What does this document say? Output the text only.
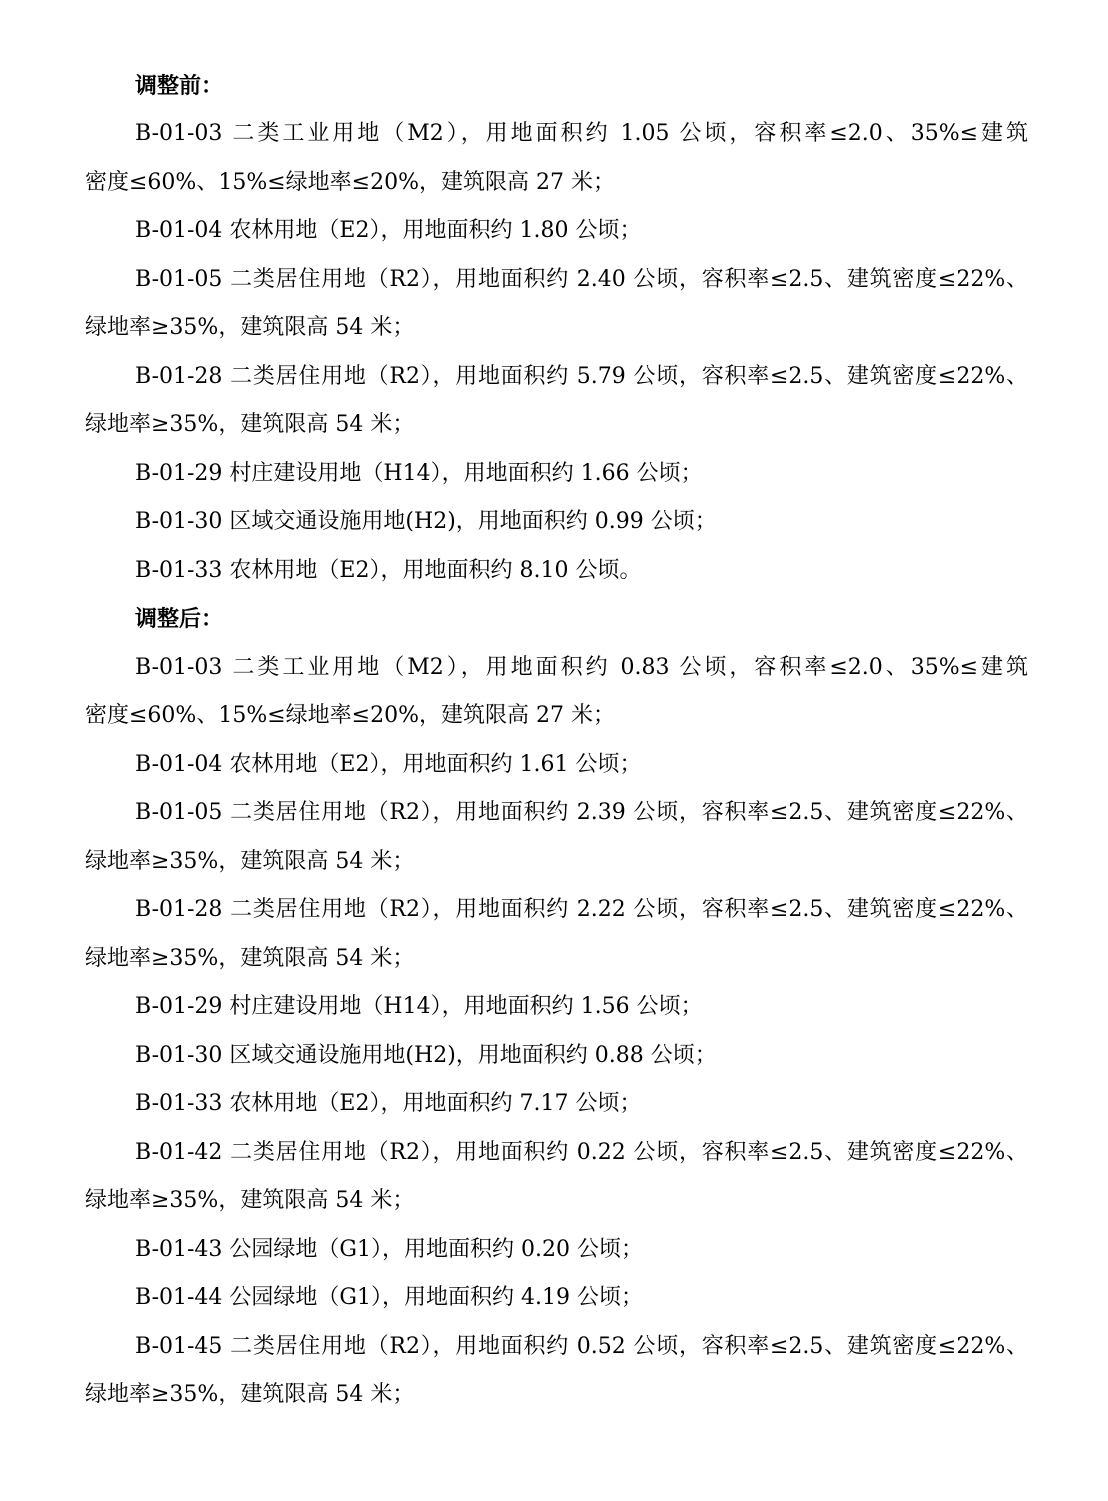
调整前：
B-01-03 二类工业用地（M2），用地面积约 1.05 公顷，容积率≤2.0、35%≤建筑
密度≤60%、15%≤绿地率≤20%，建筑限高 27 米；
B-01-04 农林用地（E2），用地面积约 1.80 公顷；
B-01-05 二类居住用地（R2），用地面积约 2.40 公顷，容积率≤2.5、建筑密度≤22%、
绿地率≥35%，建筑限高 54 米；
B-01-28 二类居住用地（R2），用地面积约 5.79 公顷，容积率≤2.5、建筑密度≤22%、
绿地率≥35%，建筑限高 54 米；
B-01-29 村庄建设用地（H14），用地面积约 1.66 公顷；
B-01-30 区域交通设施用地(H2)，用地面积约 0.99 公顷；
B-01-33 农林用地（E2），用地面积约 8.10 公顷。
调整后：
B-01-03 二类工业用地（M2），用地面积约 0.83 公顷，容积率≤2.0、35%≤建筑
密度≤60%、15%≤绿地率≤20%，建筑限高 27 米；
B-01-04 农林用地（E2），用地面积约 1.61 公顷；
B-01-05 二类居住用地（R2），用地面积约 2.39 公顷，容积率≤2.5、建筑密度≤22%、
绿地率≥35%，建筑限高 54 米；
B-01-28 二类居住用地（R2），用地面积约 2.22 公顷，容积率≤2.5、建筑密度≤22%、
绿地率≥35%，建筑限高 54 米；
B-01-29 村庄建设用地（H14），用地面积约 1.56 公顷；
B-01-30 区域交通设施用地(H2)，用地面积约 0.88 公顷；
B-01-33 农林用地（E2），用地面积约 7.17 公顷；
B-01-42 二类居住用地（R2），用地面积约 0.22 公顷，容积率≤2.5、建筑密度≤22%、
绿地率≥35%，建筑限高 54 米；
B-01-43 公园绿地（G1），用地面积约 0.20 公顷；
B-01-44 公园绿地（G1），用地面积约 4.19 公顷；
B-01-45 二类居住用地（R2），用地面积约 0.52 公顷，容积率≤2.5、建筑密度≤22%、
绿地率≥35%，建筑限高 54 米；
